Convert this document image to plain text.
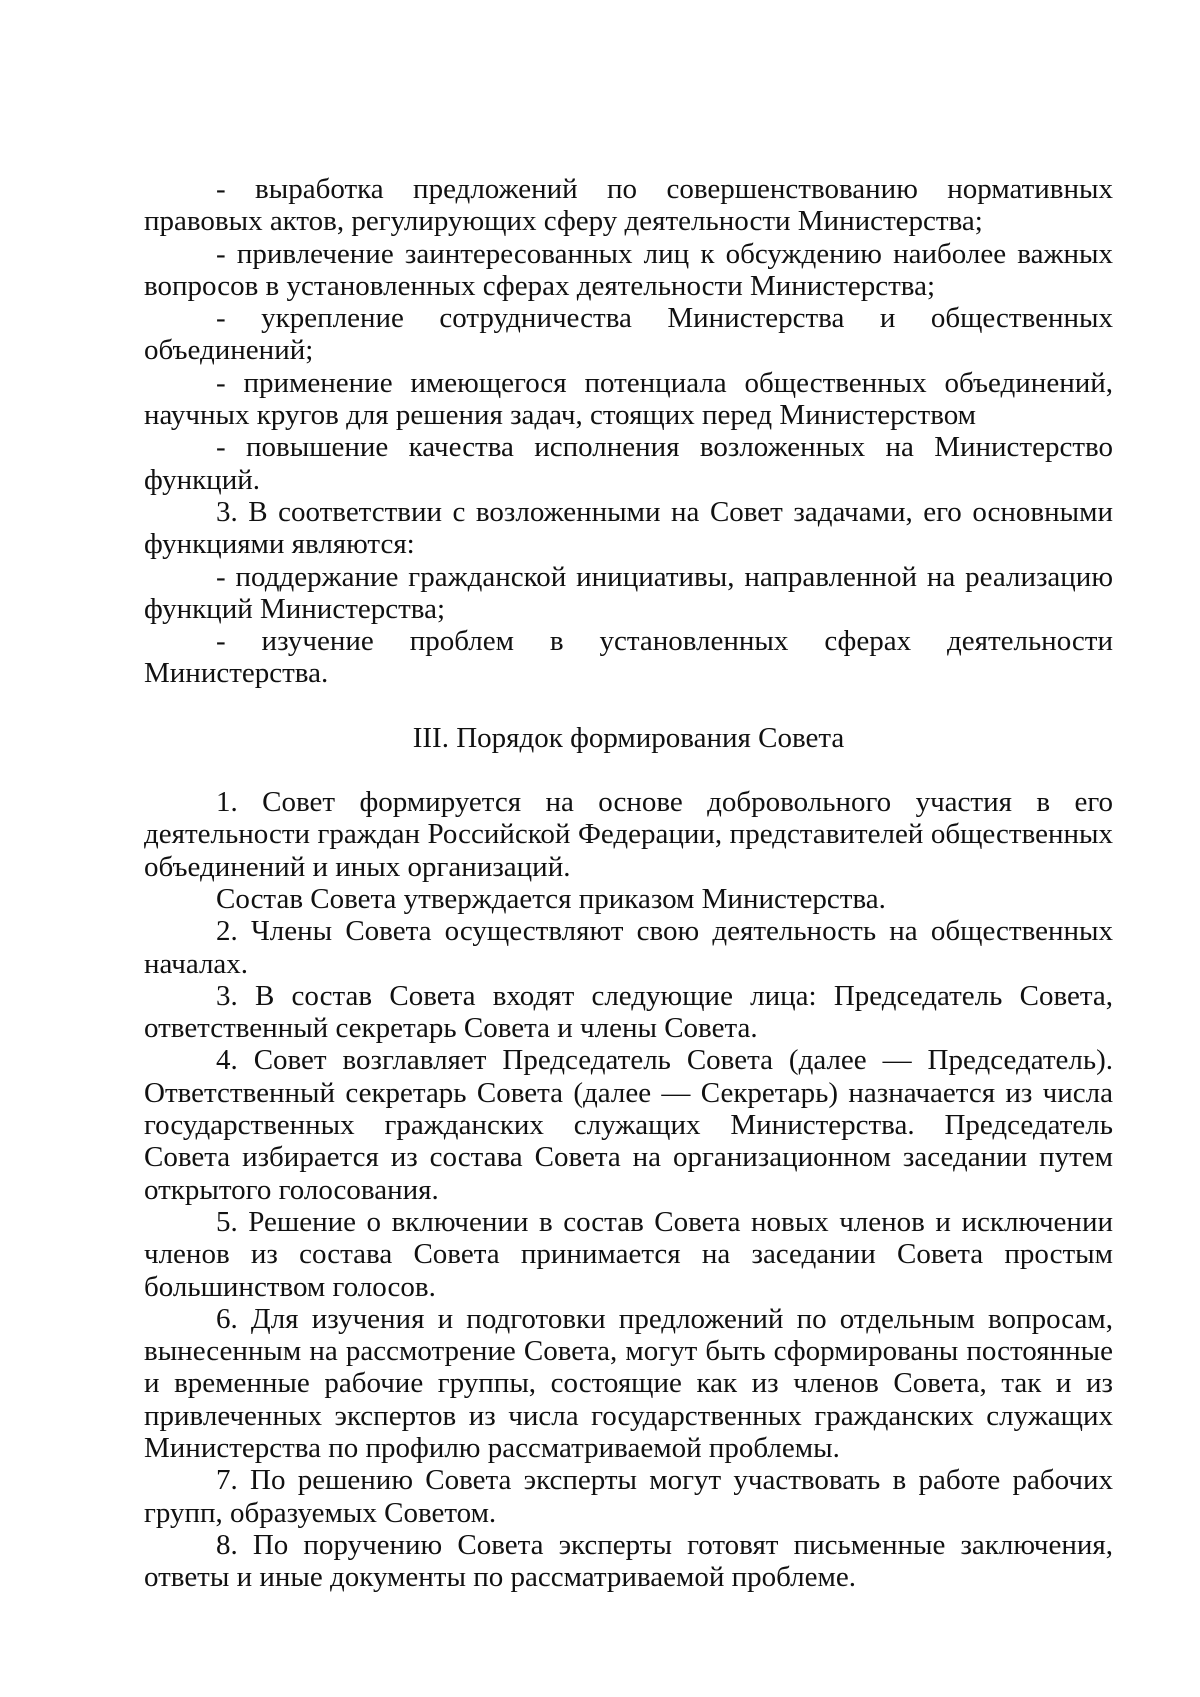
- выработка предложений по совершенствованию нормативных правовых актов, регулирующих сферу деятельности Министерства;

- привлечение заинтересованных лиц к обсуждению наиболее важных вопросов в установленных сферах деятельности Министерства;

- укрепление сотрудничества Министерства и общественных объединений;

- применение имеющегося потенциала общественных объединений, научных кругов для решения задач, стоящих перед Министерством

- повышение качества исполнения возложенных на Министерство функций.

3. В соответствии с возложенными на Совет задачами, его основными функциями являются:

- поддержание гражданской инициативы, направленной на реализацию функций Министерства;

- изучение проблем в установленных сферах деятельности Министерства.

III. Порядок формирования Совета

1. Совет формируется на основе добровольного участия в его деятельности граждан Российской Федерации, представителей общественных объединений и иных организаций.

Состав Совета утверждается приказом Министерства.

2. Члены Совета осуществляют свою деятельность на общественных началах.

3. В состав Совета входят следующие лица: Председатель Совета, ответственный секретарь Совета и члены Совета.

4. Совет возглавляет Председатель Совета (далее — Председатель). Ответственный секретарь Совета (далее — Секретарь) назначается из числа государственных гражданских служащих Министерства. Председатель Совета избирается из состава Совета на организационном заседании путем открытого голосования.

5. Решение о включении в состав Совета новых членов и исключении членов из состава Совета принимается на заседании Совета простым большинством голосов.

6. Для изучения и подготовки предложений по отдельным вопросам, вынесенным на рассмотрение Совета, могут быть сформированы постоянные и временные рабочие группы, состоящие как из членов Совета, так и из привлеченных экспертов из числа государственных гражданских служащих Министерства по профилю рассматриваемой проблемы.

7. По решению Совета эксперты могут участвовать в работе рабочих групп, образуемых Советом.

8. По поручению Совета эксперты готовят письменные заключения, ответы и иные документы по рассматриваемой проблеме.
